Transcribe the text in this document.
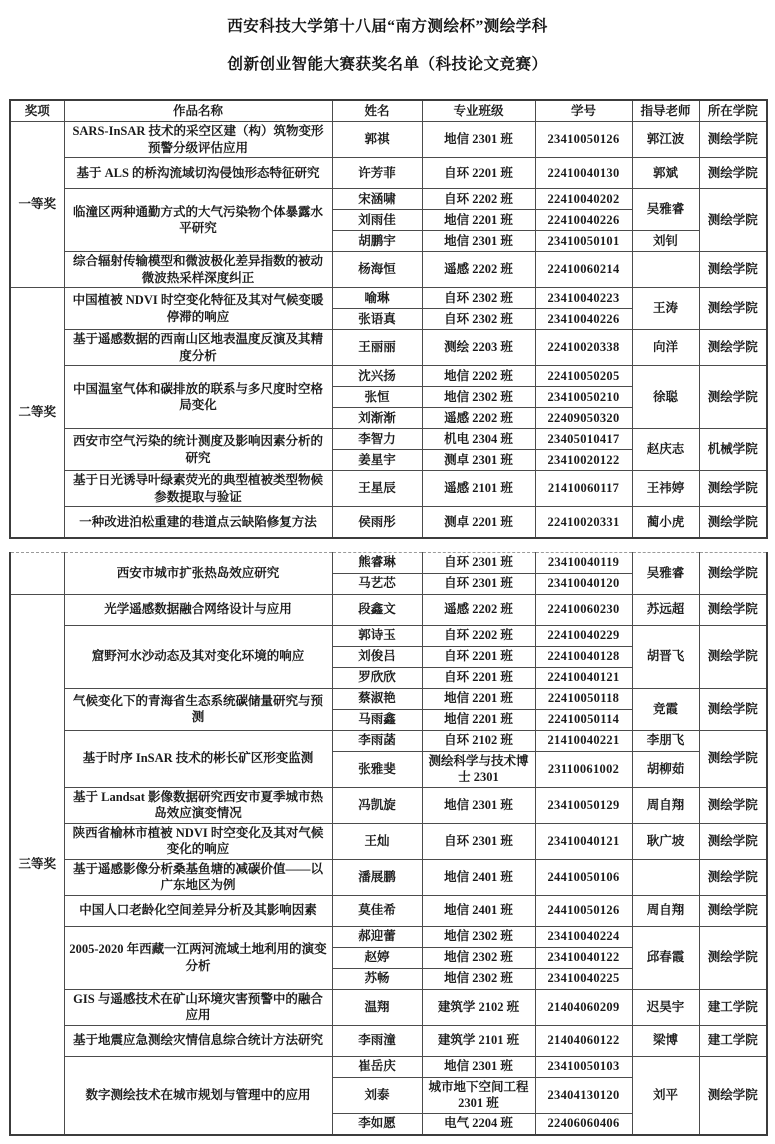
西安科技大学第十八届“南方测绘杯”测绘学科
创新创业智能大赛获奖名单（科技论文竞赛）
奖项	作品名称	姓名	专业班级	学号	指导老师	所在学院
一等奖	SARS-InSAR 技术的采空区建（构）筑物变形预警分级评估应用	郭祺	地信 2301 班	23410050126	郭江波	测绘学院
	基于 ALS 的桥沟流域切沟侵蚀形态特征研究	许芳菲	自环 2201 班	22410040130	郭斌	测绘学院
	临潼区两种通勤方式的大气污染物个体暴露水平研究	宋涵啸	自环 2202 班	22410040202	吴雅睿	测绘学院
		刘雨佳	地信 2201 班	22410040226		
		胡鹏宇	地信 2301 班	23410050101	刘钊	
	综合辐射传输模型和微波极化差异指数的被动微波热采样深度纠正	杨海恒	遥感 2202 班	22410060214		测绘学院
二等奖	中国植被 NDVI 时空变化特征及其对气候变暖停滞的响应	喻琳	自环 2302 班	23410040223	王涛	测绘学院
		张语真	自环 2302 班	23410040226		
	基于遥感数据的西南山区地表温度反演及其精度分析	王丽丽	测绘 2203 班	22410020338	向洋	测绘学院
	中国温室气体和碳排放的联系与多尺度时空格局变化	沈兴扬	地信 2202 班	22410050205	徐聪	测绘学院
		张恒	地信 2302 班	23410050210		
		刘渐渐	遥感 2202 班	22409050320		
	西安市空气污染的统计测度及影响因素分析的研究	李智力	机电 2304 班	23405010417	赵庆志	机械学院
		姜星宇	测卓 2301 班	23410020122		
	基于日光诱导叶绿素荧光的典型植被类型物候参数提取与验证	王星辰	遥感 2101 班	21410060117	王祎婷	测绘学院
	一种改进泊松重建的巷道点云缺陷修复方法	侯雨彤	测卓 2201 班	22410020331	蔺小虎	测绘学院
	西安市城市扩张热岛效应研究	熊睿琳	自环 2301 班	23410040119	吴雅睿	测绘学院
		马艺芯	自环 2301 班	23410040120		
三等奖	光学遥感数据融合网络设计与应用	段鑫文	遥感 2202 班	22410060230	苏远超	测绘学院
	窟野河水沙动态及其对变化环境的响应	郭诗玉	自环 2202 班	22410040229	胡晋飞	测绘学院
		刘俊吕	自环 2201 班	22410040128		
		罗欣欣	自环 2201 班	22410040121		
	气候变化下的青海省生态系统碳储量研究与预测	蔡淑艳	地信 2201 班	22410050118	竞霞	测绘学院
		马雨鑫	地信 2201 班	22410050114		
	基于时序 InSAR 技术的彬长矿区形变监测	李雨菡	自环 2102 班	21410040221	李朋飞	测绘学院
		张雅斐	测绘科学与技术博士 2301	23110061002	胡柳茹	
	基于 Landsat 影像数据研究西安市夏季城市热岛效应演变情况	冯凯旋	地信 2301 班	23410050129	周自翔	测绘学院
	陕西省榆林市植被 NDVI 时空变化及其对气候变化的响应	王灿	自环 2301 班	23410040121	耿广坡	测绘学院
	基于遥感影像分析桑基鱼塘的减碳价值——以广东地区为例	潘展鹏	地信 2401 班	24410050106		测绘学院
	中国人口老龄化空间差异分析及其影响因素	莫佳希	地信 2401 班	24410050126	周自翔	测绘学院
	2005-2020 年西藏一江两河流域土地利用的演变分析	郝迎蕾	地信 2302 班	23410040224	邱春霞	测绘学院
		赵婷	地信 2302 班	23410040122		
		苏畅	地信 2302 班	23410040225		
	GIS 与遥感技术在矿山环境灾害预警中的融合应用	温翔	建筑学 2102 班	21404060209	迟昊宇	建工学院
	基于地震应急测绘灾情信息综合统计方法研究	李雨潼	建筑学 2101 班	21404060122	梁博	建工学院
	数字测绘技术在城市规划与管理中的应用	崔岳庆	地信 2301 班	23410050103	刘平	测绘学院
		刘泰	城市地下空间工程 2301 班	23404130120		
		李如愿	电气 2204 班	22406060406		
